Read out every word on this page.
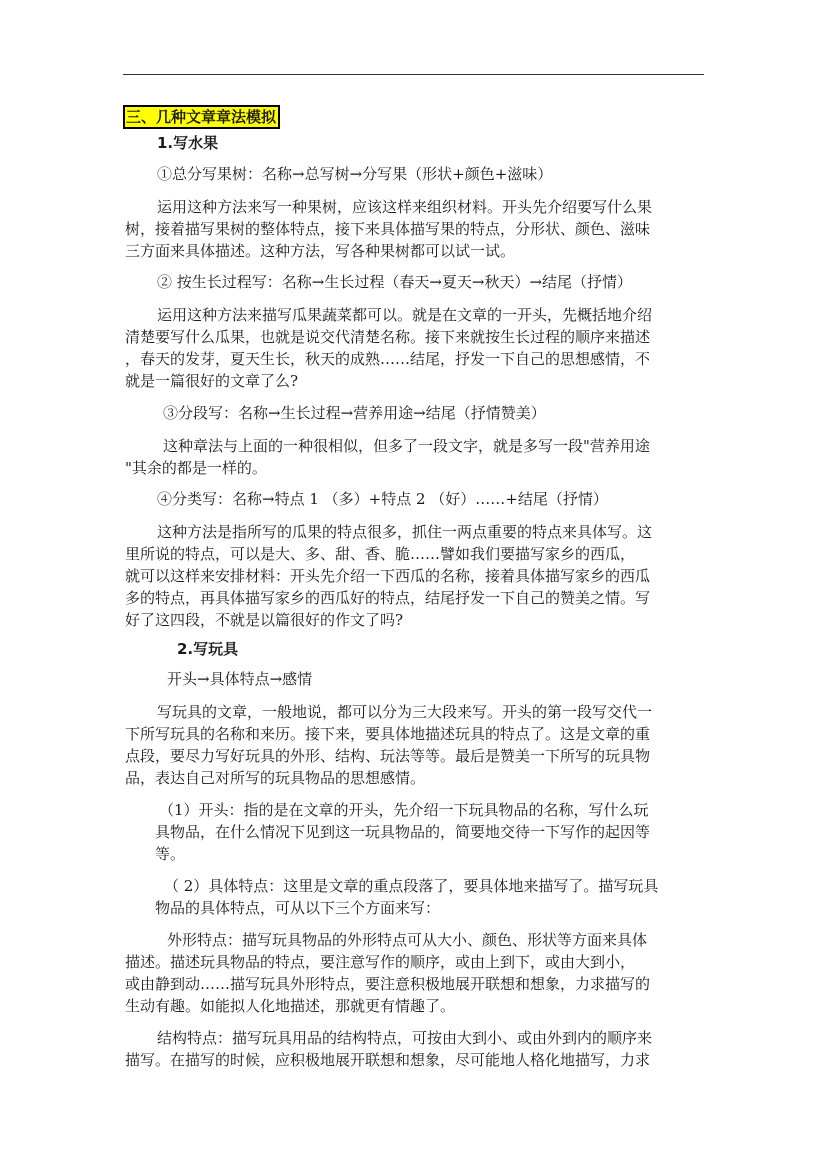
三、几种文章章法模拟
1.写水果
①总分写果树：名称→总写树→分写果（形状+颜色+滋味）
运用这种方法来写一种果树，应该这样来组织材料。开头先介绍要写什么果
树，接着描写果树的整体特点，接下来具体描写果的特点，分形状、颜色、滋味
三方面来具体描述。这种方法，写各种果树都可以试一试。
② 按生长过程写：名称→生长过程（春天→夏天→秋天）→结尾（抒情）
运用这种方法来描写瓜果蔬菜都可以。就是在文章的一开头，先概括地介绍
清楚要写什么瓜果，也就是说交代清楚名称。接下来就按生长过程的顺序来描述
，春天的发芽，夏天生长，秋天的成熟……结尾，抒发一下自己的思想感情，不
就是一篇很好的文章了么?
③分段写：名称→生长过程→营养用途→结尾（抒情赞美）
这种章法与上面的一种很相似，但多了一段文字，就是多写一段"营养用途
"其余的都是一样的。
④分类写：名称→特点 1 （多）+特点 2 （好）……+结尾（抒情）
这种方法是指所写的瓜果的特点很多，抓住一两点重要的特点来具体写。这
里所说的特点，可以是大、多、甜、香、脆……譬如我们要描写家乡的西瓜，
就可以这样来安排材料：开头先介绍一下西瓜的名称，接着具体描写家乡的西瓜
多的特点，再具体描写家乡的西瓜好的特点，结尾抒发一下自己的赞美之情。写
好了这四段，不就是以篇很好的作文了吗?
2.写玩具
开头→具体特点→感情
写玩具的文章，一般地说，都可以分为三大段来写。开头的第一段写交代一
下所写玩具的名称和来历。接下来，要具体地描述玩具的特点了。这是文章的重
点段，要尽力写好玩具的外形、结构、玩法等等。最后是赞美一下所写的玩具物
品，表达自己对所写的玩具物品的思想感情。
（1）开头：指的是在文章的开头，先介绍一下玩具物品的名称，写什么玩
具物品，在什么情况下见到这一玩具物品的，简要地交待一下写作的起因等
等。
（ 2）具体特点：这里是文章的重点段落了，要具体地来描写了。描写玩具
物品的具体特点，可从以下三个方面来写：
外形特点：描写玩具物品的外形特点可从大小、颜色、形状等方面来具体
描述。描述玩具物品的特点，要注意写作的顺序，或由上到下，或由大到小，
或由静到动……描写玩具外形特点，要注意积极地展开联想和想象，力求描写的
生动有趣。如能拟人化地描述，那就更有情趣了。
结构特点：描写玩具用品的结构特点，可按由大到小、或由外到内的顺序来
描写。在描写的时候，应积极地展开联想和想象，尽可能地人格化地描写，力求
